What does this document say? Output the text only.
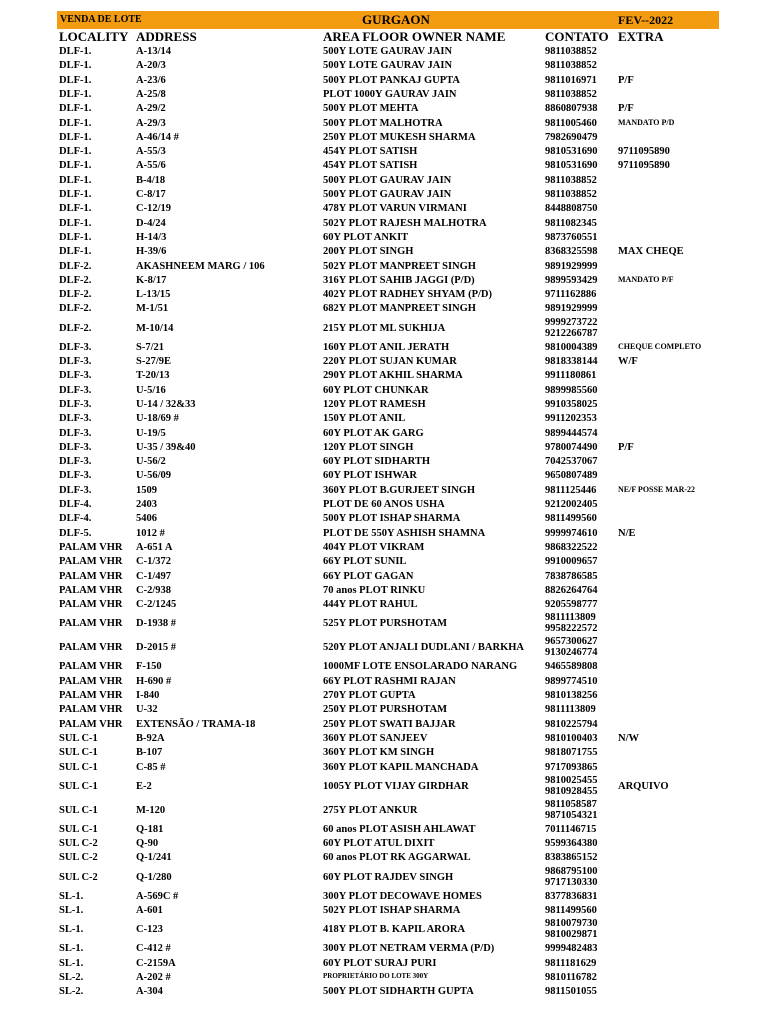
VENDA DE LOTE	GURGAON	FEV--2022
LOCALITY ADDRESS	AREA FLOOR OWNER NAME	CONTATO EXTRA
DLF-1.	A-13/14	500Y LOTE GAURAV JAIN	9811038852
DLF-1.	A-20/3	500Y LOTE GAURAV JAIN	9811038852
DLF-1.	A-23/6	500Y PLOT PANKAJ GUPTA	9811016971 P/F
DLF-1.	A-25/8	PLOT 1000Y GAURAV JAIN	9811038852
DLF-1.	A-29/2	500Y PLOT MEHTA	8860807938 P/F
DLF-1.	A-29/3	500Y PLOT MALHOTRA	9811005460	MANDATO P/D
DLF-1.	A-46/14 #	250Y PLOT MUKESH SHARMA	7982690479
DLF-1.	A-55/3	454Y PLOT SATISH	9810531690 9711095890
DLF-1.	A-55/6	454Y PLOT SATISH	9810531690 9711095890
DLF-1.	B-4/18	500Y PLOT GAURAV JAIN	9811038852
DLF-1.	C-8/17	500Y PLOT GAURAV JAIN	9811038852
DLF-1.	C-12/19	478Y PLOT VARUN VIRMANI	8448808750
DLF-1.	D-4/24	502Y PLOT RAJESH MALHOTRA	9811082345
DLF-1.	H-14/3	60Y PLOT ANKIT	9873760551
DLF-1.	H-39/6	200Y PLOT SINGH	8368325598 MAX CHEQE
DLF-2.	AKASHNEEM MARG / 106	502Y PLOT MANPREET SINGH	9891929999
DLF-2.	K-8/17	316Y PLOT SAHIB JAGGI (P/D)	9899593429	MANDATO P/F
DLF-2.	L-13/15	402Y PLOT RADHEY SHYAM (P/D)	9711162886
DLF-2.	M-1/51	682Y PLOT MANPREET SINGH	9891929999
DLF-2.	M-10/14	215Y PLOT ML SUKHIJA
9999273722
9212266787
DLF-3.	S-7/21	160Y PLOT ANIL JERATH	9810004389	CHEQUE COMPLETO
DLF-3.	S-27/9E	220Y PLOT SUJAN KUMAR	9818338144 W/F
DLF-3.	T-20/13	290Y PLOT AKHIL SHARMA	9911180861
DLF-3.	U-5/16	60Y PLOT CHUNKAR	9899985560
DLF-3.	U-14 / 32&33	120Y PLOT RAMESH	9910358025
DLF-3.	U-18/69 #	150Y PLOT ANIL	9911202353
DLF-3.	U-19/5	60Y PLOT AK GARG	9899444574
DLF-3.	U-35 / 39&40	120Y PLOT SINGH	9780074490 P/F
DLF-3.	U-56/2	60Y PLOT SIDHARTH	7042537067
DLF-3.	U-56/09	60Y PLOT ISHWAR	9650807489
DLF-3.	1509	360Y PLOT B.GURJEET SINGH	9811125446	NE/F POSSE MAR-22
DLF-4.	2403	PLOT DE 60 ANOS USHA	9212002405
DLF-4.	5406	500Y PLOT ISHAP SHARMA	9811499560
DLF-5.	1012 #	PLOT DE 550Y ASHISH SHAMNA	9999974610 N/E
PALAM VHR A-651 A	404Y PLOT VIKRAM	9868322522
PALAM VHR C-1/372	66Y PLOT SUNIL	9910009657
PALAM VHR C-1/497	66Y PLOT GAGAN	7838786585
PALAM VHR C-2/938	70 anos PLOT RINKU	8826264764
PALAM VHR C-2/1245	444Y PLOT RAHUL	9205598777
PALAM VHR D-1938 #	525Y PLOT PURSHOTAM
9811113809
9958222572
PALAM VHR D-2015 #	520Y PLOT ANJALI DUDLANI / BARKHA
9657300627
9130246774
PALAM VHR F-150	1000MF LOTE ENSOLARADO NARANG	9465589808
PALAM VHR H-690 #	66Y PLOT RASHMI RAJAN	9899774510
PALAM VHR I-840	270Y PLOT GUPTA	9810138256
PALAM VHR U-32	250Y PLOT PURSHOTAM	9811113809
PALAM VHR EXTENSÃO / TRAMA-18	250Y PLOT SWATI BAJJAR	9810225794
SUL C-1	B-92A	360Y PLOT SANJEEV	9810100403 N/W
SUL C-1	B-107	360Y PLOT KM SINGH	9818071755
SUL C-1	C-85 #	360Y PLOT KAPIL MANCHADA	9717093865
SUL C-1	E-2	1005Y PLOT VIJAY GIRDHAR
9810025455
9810928455 ARQUIVO
SUL C-1	M-120	275Y PLOT ANKUR
9811058587
9871054321
SUL C-1	Q-181	60 anos PLOT ASISH AHLAWAT	7011146715
SUL C-2	Q-90	60Y PLOT ATUL DIXIT	9599364380
SUL C-2	Q-1/241	60 anos PLOT RK AGGARWAL	8383865152
SUL C-2	Q-1/280	60Y PLOT RAJDEV SINGH
9868795100
9717130330
SL-1.	A-569C #	300Y PLOT DECOWAVE HOMES	8377836831
SL-1.	A-601	502Y PLOT ISHAP SHARMA	9811499560
SL-1.	C-123	418Y PLOT B. KAPIL ARORA
9810079730
9810029871
SL-1.	C-412 #	300Y PLOT NETRAM VERMA (P/D)	9999482483
SL-1.	C-2159A	60Y PLOT SURAJ PURI	9811181629
SL-2.	A-202 #	PROPRIETÁRIO DO LOTE 300Y	9810116782
SL-2.	A-304	500Y PLOT SIDHARTH GUPTA	9811501055
